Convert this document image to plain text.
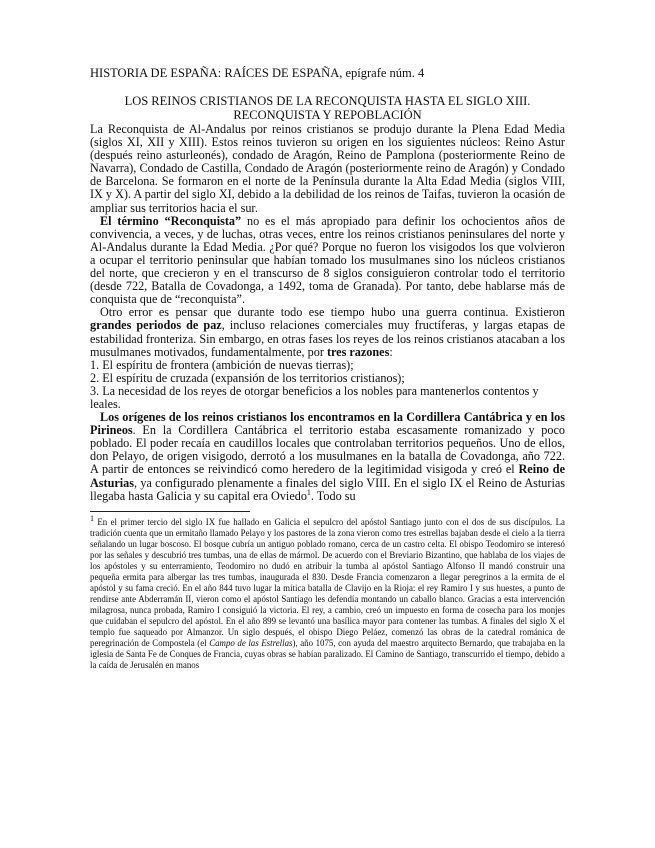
HISTORIA DE ESPAÑA: RAÍCES DE ESPAÑA, epígrafe núm. 4

LOS REINOS CRISTIANOS DE LA RECONQUISTA HASTA EL SIGLO XIII.

RECONQUISTA Y REPOBLACIÓN

La Reconquista de Al-Andalus por reinos cristianos se produjo durante la Plena Edad Media (siglos XI, XII y XIII). Estos reinos tuvieron su origen en los siguientes núcleos: Reino Astur (después reino asturleonés), condado de Aragón, Reino de Pamplona (posteriormente Reino de Navarra), Condado de Castilla, Condado de Aragón (posteriormente reino de Aragón) y Condado de Barcelona. Se formaron en el norte de la Península durante la Alta Edad Media (siglos VIII, IX y X). A partir del siglo XI, debido a la debilidad de los reinos de Taifas, tuvieron la ocasión de ampliar sus territorios hacia el sur.

El término “Reconquista” no es el más apropiado para definir los ochocientos años de convivencia, a veces, y de luchas, otras veces, entre los reinos cristianos peninsulares del norte y Al-Andalus durante la Edad Media. ¿Por qué? Porque no fueron los visigodos los que volvieron a ocupar el territorio peninsular que habían tomado los musulmanes sino los núcleos cristianos del norte, que crecieron y en el transcurso de 8 siglos consiguieron controlar todo el territorio (desde 722, Batalla de Covadonga, a 1492, toma de Granada). Por tanto, debe hablarse más de conquista que de “reconquista”.

Otro error es pensar que durante todo ese tiempo hubo una guerra continua. Existieron grandes periodos de paz, incluso relaciones comerciales muy fructíferas, y largas etapas de estabilidad fronteriza. Sin embargo, en otras fases los reyes de los reinos cristianos atacaban a los musulmanes motivados, fundamentalmente, por tres razones:

1. El espíritu de frontera (ambición de nuevas tierras);

2. El espíritu de cruzada (expansión de los territorios cristianos);

3. La necesidad de los reyes de otorgar beneficios a los nobles para mantenerlos contentos y leales.

Los orígenes de los reinos cristianos los encontramos en la Cordillera Cantábrica y en los Pirineos. En la Cordillera Cantábrica el territorio estaba escasamente romanizado y poco poblado. El poder recaía en caudillos locales que controlaban territorios pequeños. Uno de ellos, don Pelayo, de origen visigodo, derrotó a los musulmanes en la batalla de Covadonga, año 722. A partir de entonces se reivindicó como heredero de la legitimidad visigoda y creó el Reino de Asturias, ya configurado plenamente a finales del siglo VIII. En el siglo IX el Reino de Asturias llegaba hasta Galicia y su capital era Oviedo$^1$. Todo su

$^1$ En el primer tercio del siglo IX fue hallado en Galicia el sepulcro del apóstol Santiago junto con el dos de sus discípulos. La tradición cuenta que un ermitaño llamado Pelayo y los pastores de la zona vieron como tres estrellas bajaban desde el cielo a la tierra señalando un lugar boscoso. El bosque cubría un antiguo poblado romano, cerca de un castro celta. El obispo Teodomiro se interesó por las señales y descubrió tres tumbas, una de ellas de mármol. De acuerdo con el Breviario Bizantino, que hablaba de los viajes de los apóstoles y su enterramiento, Teodomiro no dudó en atribuir la tumba al apóstol Santiago Alfonso II mandó construir una pequeña ermita para albergar las tres tumbas, inaugurada el 830. Desde Francia comenzaron a llegar peregrinos a la ermita de el apóstol y su fama creció. En el año 844 tuvo lugar la mítica batalla de Clavijo en la Rioja: el rey Ramiro I y sus huestes, a punto de rendirse ante Abderramán II, vieron como el apóstol Santiago les defendía montando un caballo blanco. Gracias a esta intervención milagrosa, nunca probada, Ramiro I consiguió la victoria. El rey, a cambio, creó un impuesto en forma de cosecha para los monjes que cuidaban el sepulcro del apóstol. En el año 899 se levantó una basílica mayor para contener las tumbas. A finales del siglo X el templo fue saqueado por Almanzor. Un siglo después, el obispo Diego Peláez, comenzó las obras de la catedral románica de peregrinación de Compostela (el Campo de las Estrellas), año 1075, con ayuda del maestro arquitecto Bernardo, que trabajaba en la iglesia de Santa Fe de Conques de Francia, cuyas obras se habían paralizado. El Camino de Santiago, transcurrido el tiempo, debido a la caída de Jerusalén en manos
